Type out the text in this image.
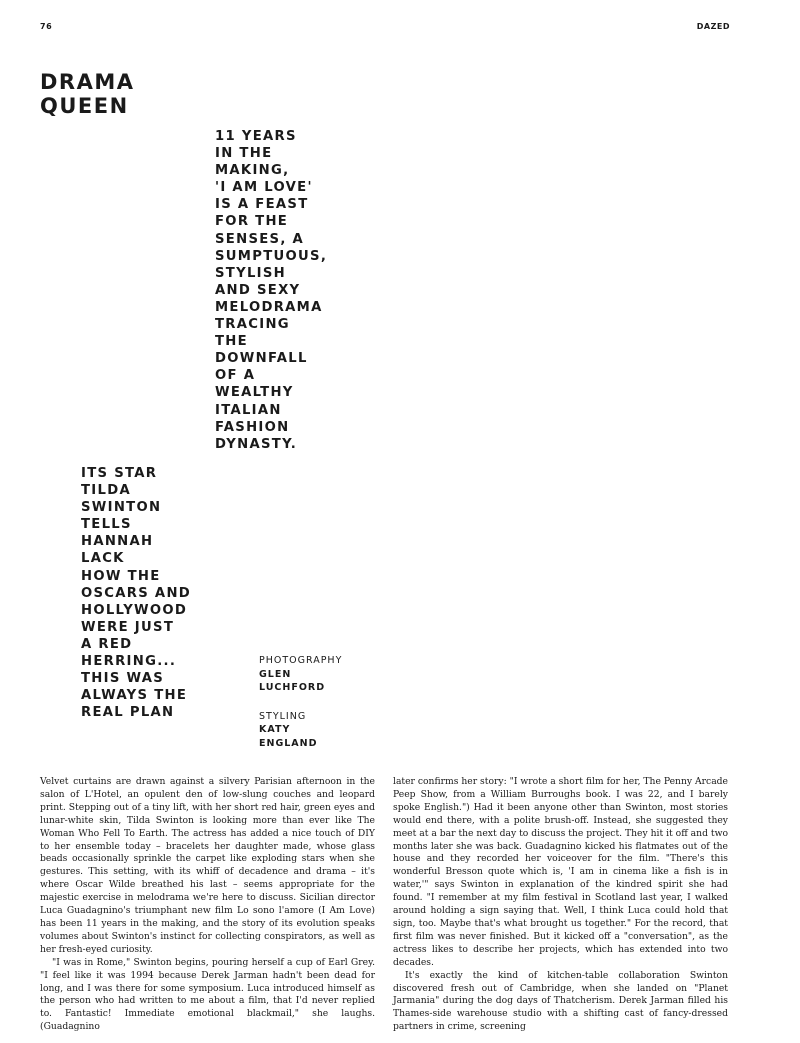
76	DAZED
DRAMA
QUEEN
11 YEARS
IN THE
MAKING,
'I AM LOVE'
IS A FEAST
FOR THE
SENSES, A
SUMPTUOUS,
STYLISH
AND SEXY
MELODRAMA
TRACING
THE
DOWNFALL
OF A
WEALTHY
ITALIAN
FASHION
DYNASTY.
ITS STAR
TILDA
SWINTON
TELLS
HANNAH
LACK
HOW THE
OSCARS AND
HOLLYWOOD
WERE JUST
A RED
HERRING...
THIS WAS
ALWAYS THE
REAL PLAN
PHOTOGRAPHY
GLEN
LUCHFORD
STYLING
KATY
ENGLAND

Velvet curtains are drawn against a silvery Parisian afternoon in the salon of L'Hotel, an opulent den of low-slung couches and leopard print. Stepping out of a tiny lift, with her short red hair, green eyes and lunar-white skin, Tilda Swinton is looking more than ever like The Woman Who Fell To Earth. The actress has added a nice touch of DIY to her ensemble today – bracelets her daughter made, whose glass beads occasionally sprinkle the carpet like exploding stars when she gestures. This setting, with its whiff of decadence and drama – it's where Oscar Wilde breathed his last – seems appropriate for the majestic exercise in melodrama we're here to discuss. Sicilian director Luca Guadagnino's triumphant new film Lo sono l'amore (I Am Love) has been 11 years in the making, and the story of its evolution speaks volumes about Swinton's instinct for collecting conspirators, as well as her fresh-eyed curiosity.

"I was in Rome," Swinton begins, pouring herself a cup of Earl Grey. "I feel like it was 1994 because Derek Jarman hadn't been dead for long, and I was there for some symposium. Luca introduced himself as the person who had written to me about a film, that I'd never replied to. Fantastic! Immediate emotional blackmail," she laughs. (Guadagnino

later confirms her story: "I wrote a short film for her, The Penny Arcade Peep Show, from a William Burroughs book. I was 22, and I barely spoke English.") Had it been anyone other than Swinton, most stories would end there, with a polite brush-off. Instead, she suggested they meet at a bar the next day to discuss the project. They hit it off and two months later she was back. Guadagnino kicked his flatmates out of the house and they recorded her voiceover for the film. "There's this wonderful Bresson quote which is, 'I am in cinema like a fish is in water,'" says Swinton in explanation of the kindred spirit she had found. "I remember at my film festival in Scotland last year, I walked around holding a sign saying that. Well, I think Luca could hold that sign, too. Maybe that's what brought us together." For the record, that first film was never finished. But it kicked off a "conversation", as the actress likes to describe her projects, which has extended into two decades.

It's exactly the kind of kitchen-table collaboration Swinton discovered fresh out of Cambridge, when she landed on "Planet Jarmania" during the dog days of Thatcherism. Derek Jarman filled his Thames-side warehouse studio with a shifting cast of fancy-dressed partners in crime, screening
